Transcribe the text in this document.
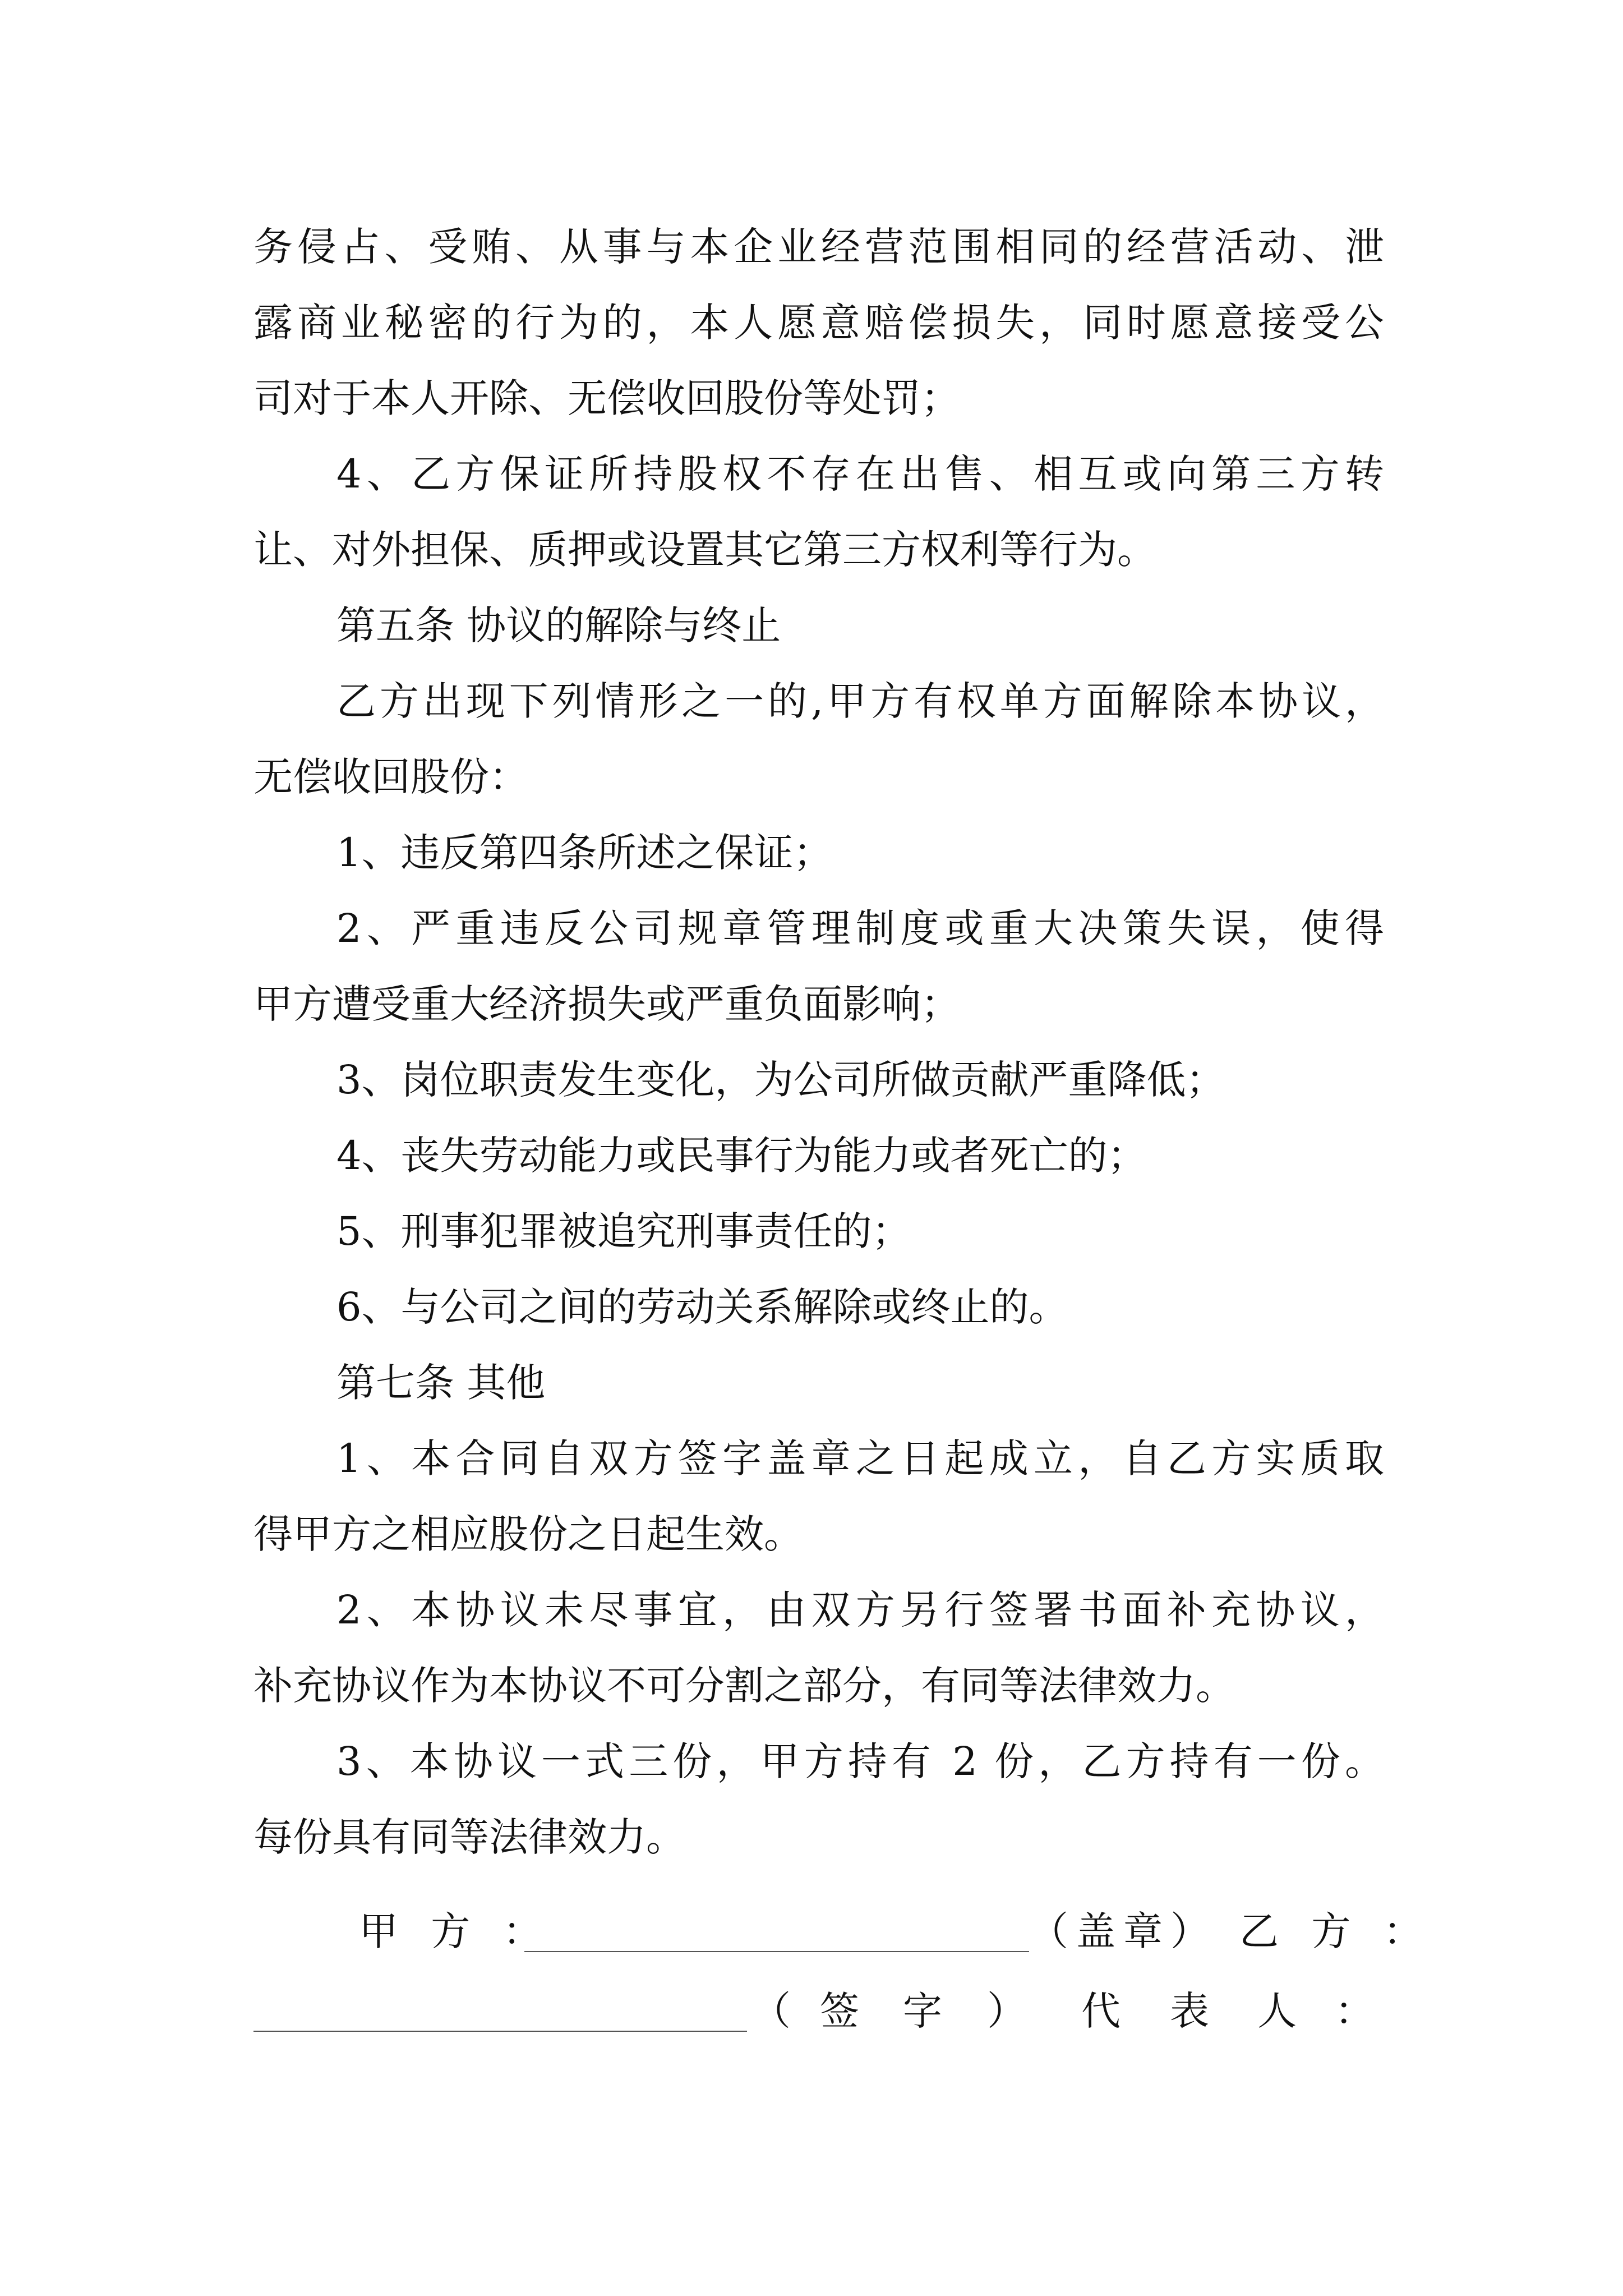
务侵占、受贿、从事与本企业经营范围相同的经营活动、泄
露商业秘密的行为的，本人愿意赔偿损失，同时愿意接受公
司对于本人开除、无偿收回股份等处罚；
4、乙方保证所持股权不存在出售、相互或向第三方转
让、对外担保、质押或设置其它第三方权利等行为。
第五条 协议的解除与终止
乙方出现下列情形之一的,甲方有权单方面解除本协议，
无偿收回股份：
1、违反第四条所述之保证；
2、严重违反公司规章管理制度或重大决策失误，使得
甲方遭受重大经济损失或严重负面影响；
3、岗位职责发生变化，为公司所做贡献严重降低；
4、丧失劳动能力或民事行为能力或者死亡的；
5、刑事犯罪被追究刑事责任的；
6、与公司之间的劳动关系解除或终止的。
第七条 其他
1、本合同自双方签字盖章之日起成立，自乙方实质取
得甲方之相应股份之日起生效。
2、本协议未尽事宜，由双方另行签署书面补充协议，
补充协议作为本协议不可分割之部分，有同等法律效力。
3、本协议一式三份，甲方持有 2 份，乙方持有一份。
每份具有同等法律效力。
甲 方 ：	（盖章） 乙 方 ：
（ 签 字 ） 代 表 人 ：
